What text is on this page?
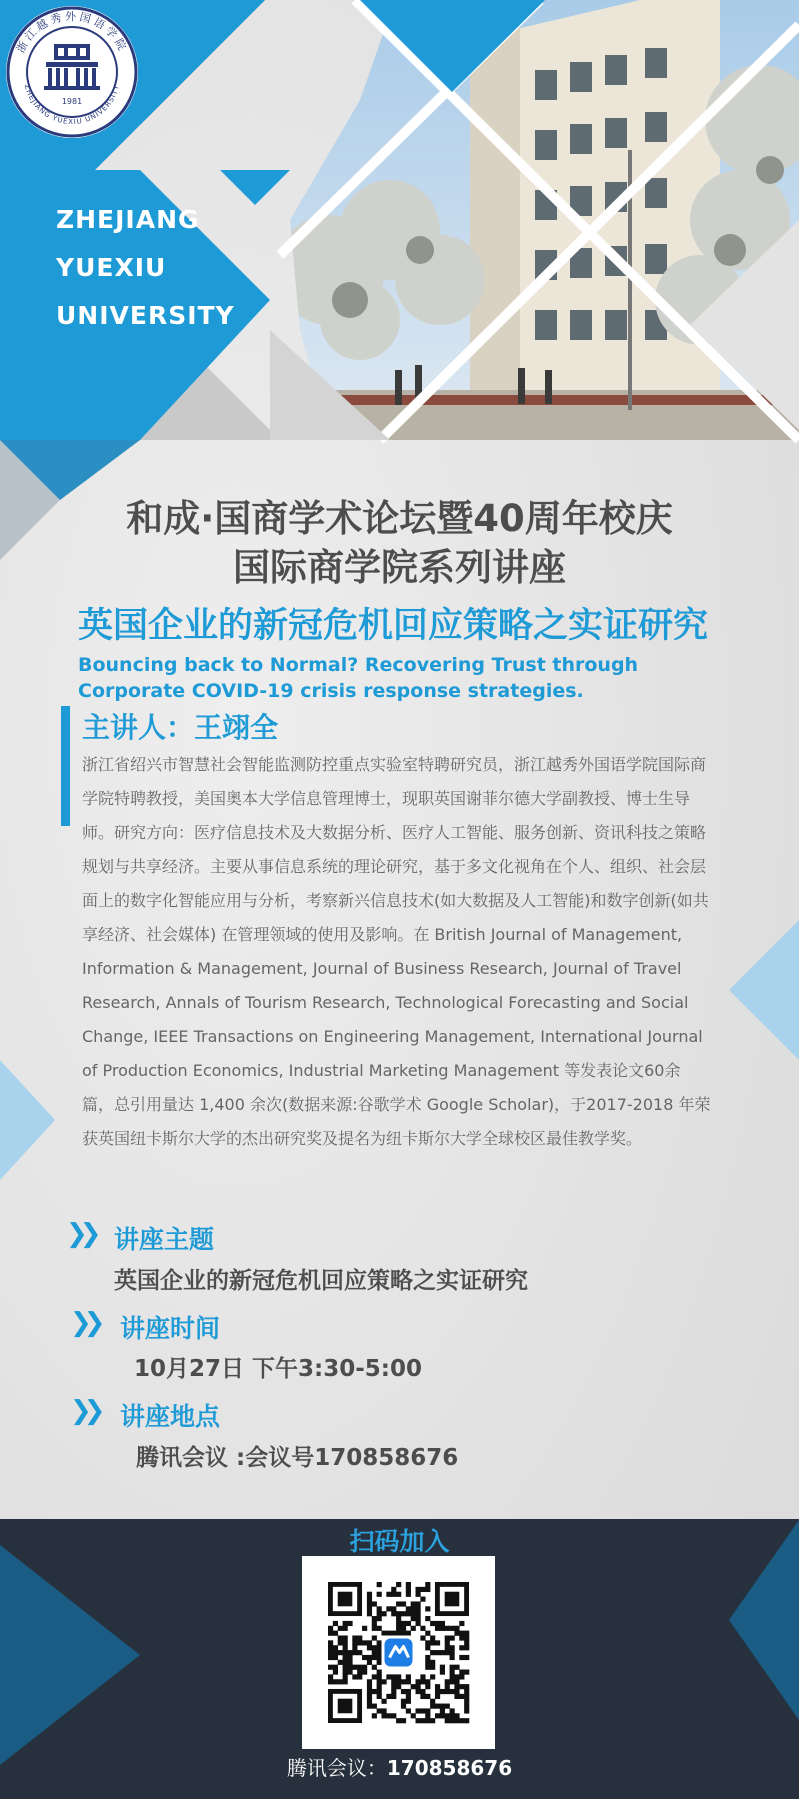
1981
浙江越秀外国语学院
ZHEJIANG YUEXIU UNIVERSITY
ZHEJIANG
YUEXIU
UNIVERSITY
和成·国商学术论坛暨40周年校庆
国际商学院系列讲座
英国企业的新冠危机回应策略之实证研究
Bouncing back to Normal? Recovering Trust through
Corporate COVID-19 crisis response strategies.
主讲人：王翊全
浙江省绍兴市智慧社会智能监测防控重点实验室特聘研究员，浙江越秀外国语学院国际商学院特聘教授，美国奥本大学信息管理博士，现职英国谢菲尔德大学副教授、博士生导师。研究方向：医疗信息技术及大数据分析、医疗人工智能、服务创新、资讯科技之策略规划与共享经济。主要从事信息系统的理论研究，基于多文化视角在个人、组织、社会层面上的数字化智能应用与分析，考察新兴信息技术(如大数据及人工智能)和数字创新(如共享经济、社会媒体) 在管理领域的使用及影响。在 British Journal of Management, Information & Management, Journal of Business Research, Journal of Travel Research, Annals of Tourism Research, Technological Forecasting and Social Change, IEEE Transactions on Engineering Management, International Journal of Production Economics, Industrial Marketing Management 等发表论文60余篇，总引用量达 1,400 余次(数据来源:谷歌学术 Google Scholar)，于2017-2018 年荣获英国纽卡斯尔大学的杰出研究奖及提名为纽卡斯尔大学全球校区最佳教学奖。
❯❯ 讲座主题
英国企业的新冠危机回应策略之实证研究
❯❯ 讲座时间
10月27日 下午3:30-5:00
❯❯ 讲座地点
腾讯会议 :会议号170858676
扫码加入
腾讯会议：170858676
